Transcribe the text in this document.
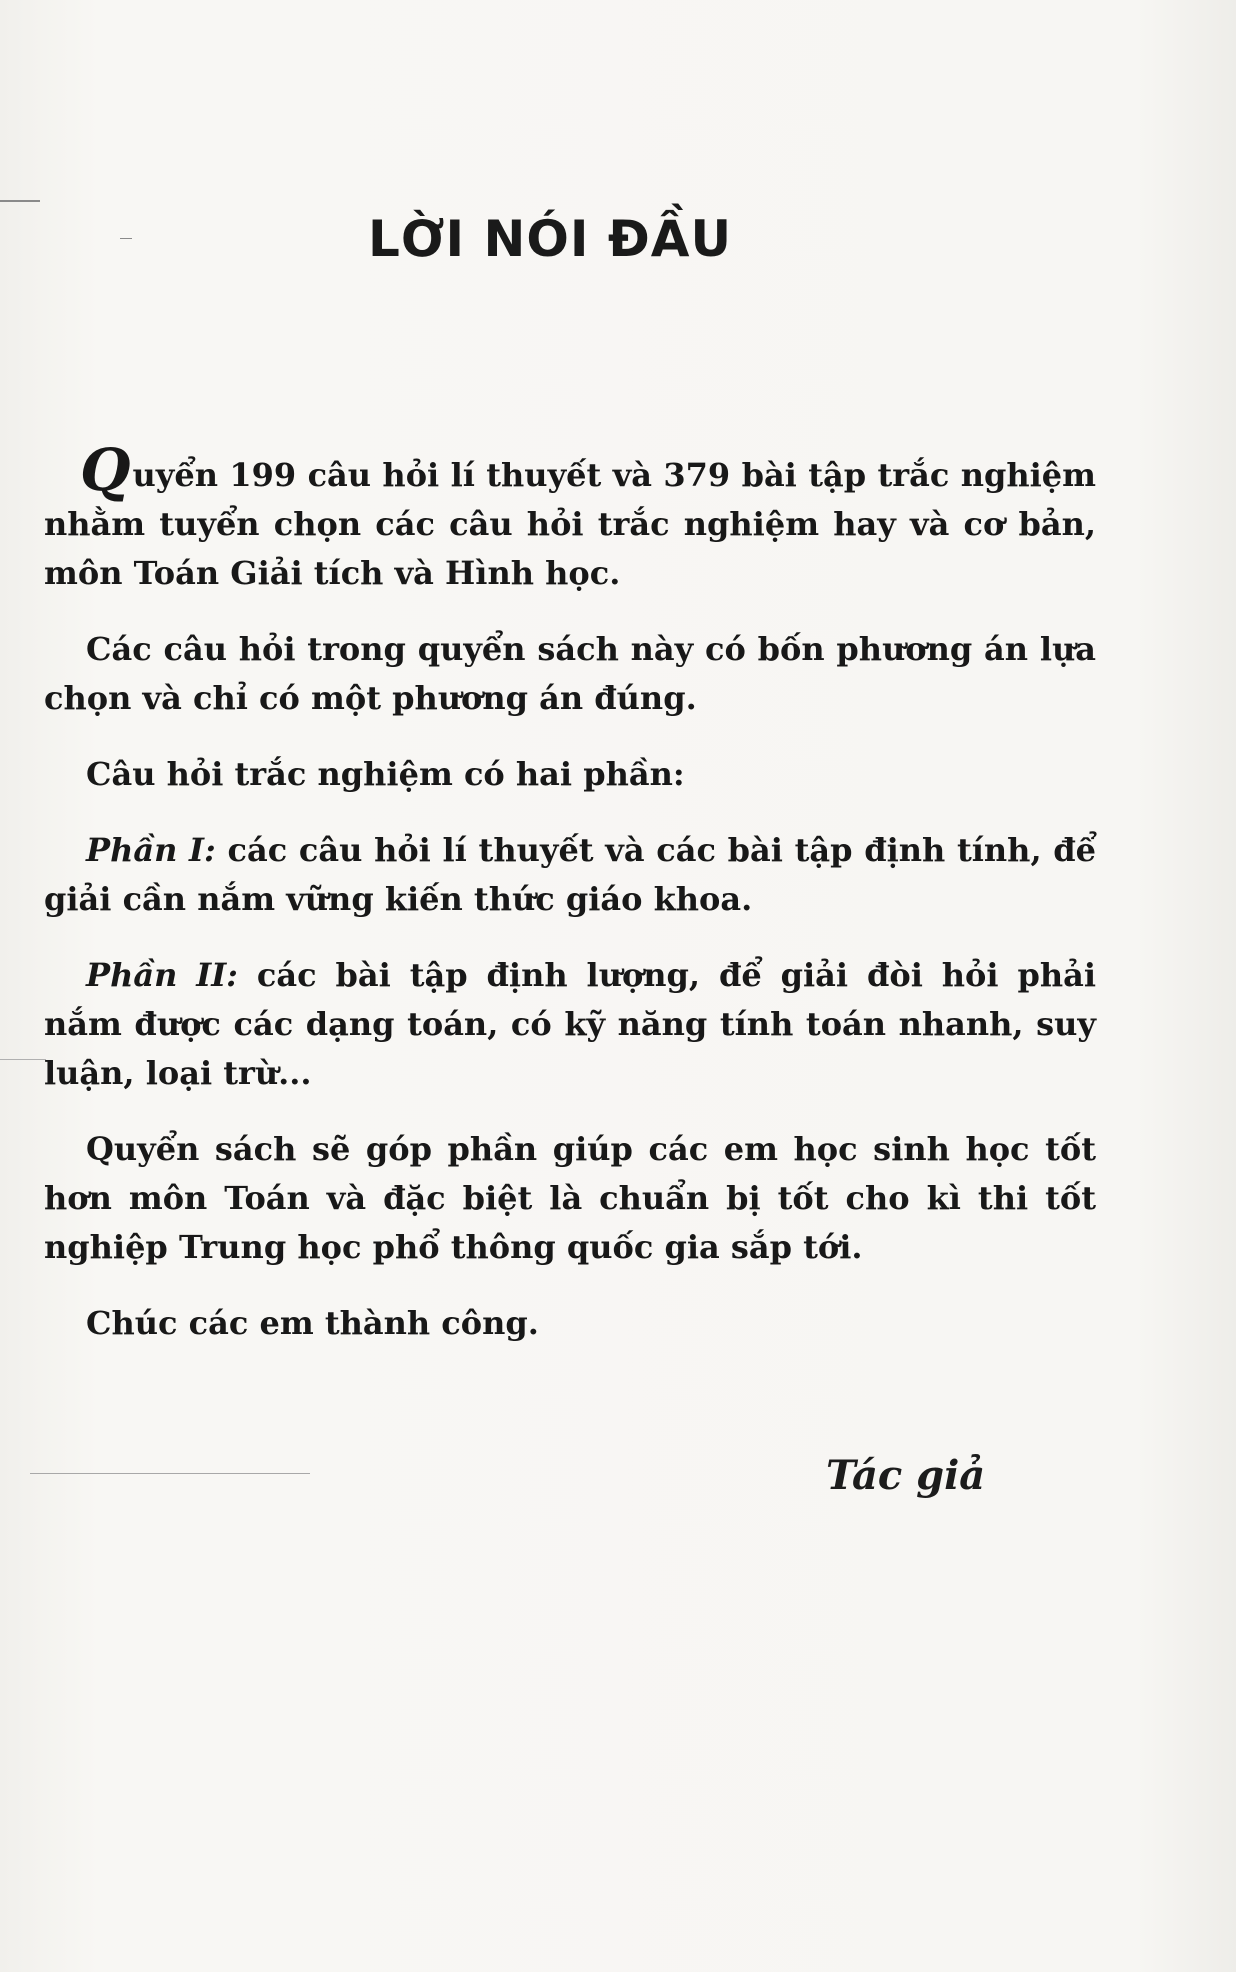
LỜI NÓI ĐẦU

Quyển 199 câu hỏi lí thuyết và 379 bài tập trắc nghiệm nhằm tuyển chọn các câu hỏi trắc nghiệm hay và cơ bản, môn Toán Giải tích và Hình học.

Các câu hỏi trong quyển sách này có bốn phương án lựa chọn và chỉ có một phương án đúng.

Câu hỏi trắc nghiệm có hai phần:

Phần I: các câu hỏi lí thuyết và các bài tập định tính, để giải cần nắm vững kiến thức giáo khoa.

Phần II: các bài tập định lượng, để giải đòi hỏi phải nắm được các dạng toán, có kỹ năng tính toán nhanh, suy luận, loại trừ...

Quyển sách sẽ góp phần giúp các em học sinh học tốt hơn môn Toán và đặc biệt là chuẩn bị tốt cho kì thi tốt nghiệp Trung học phổ thông quốc gia sắp tới.

Chúc các em thành công.

Tác giả
